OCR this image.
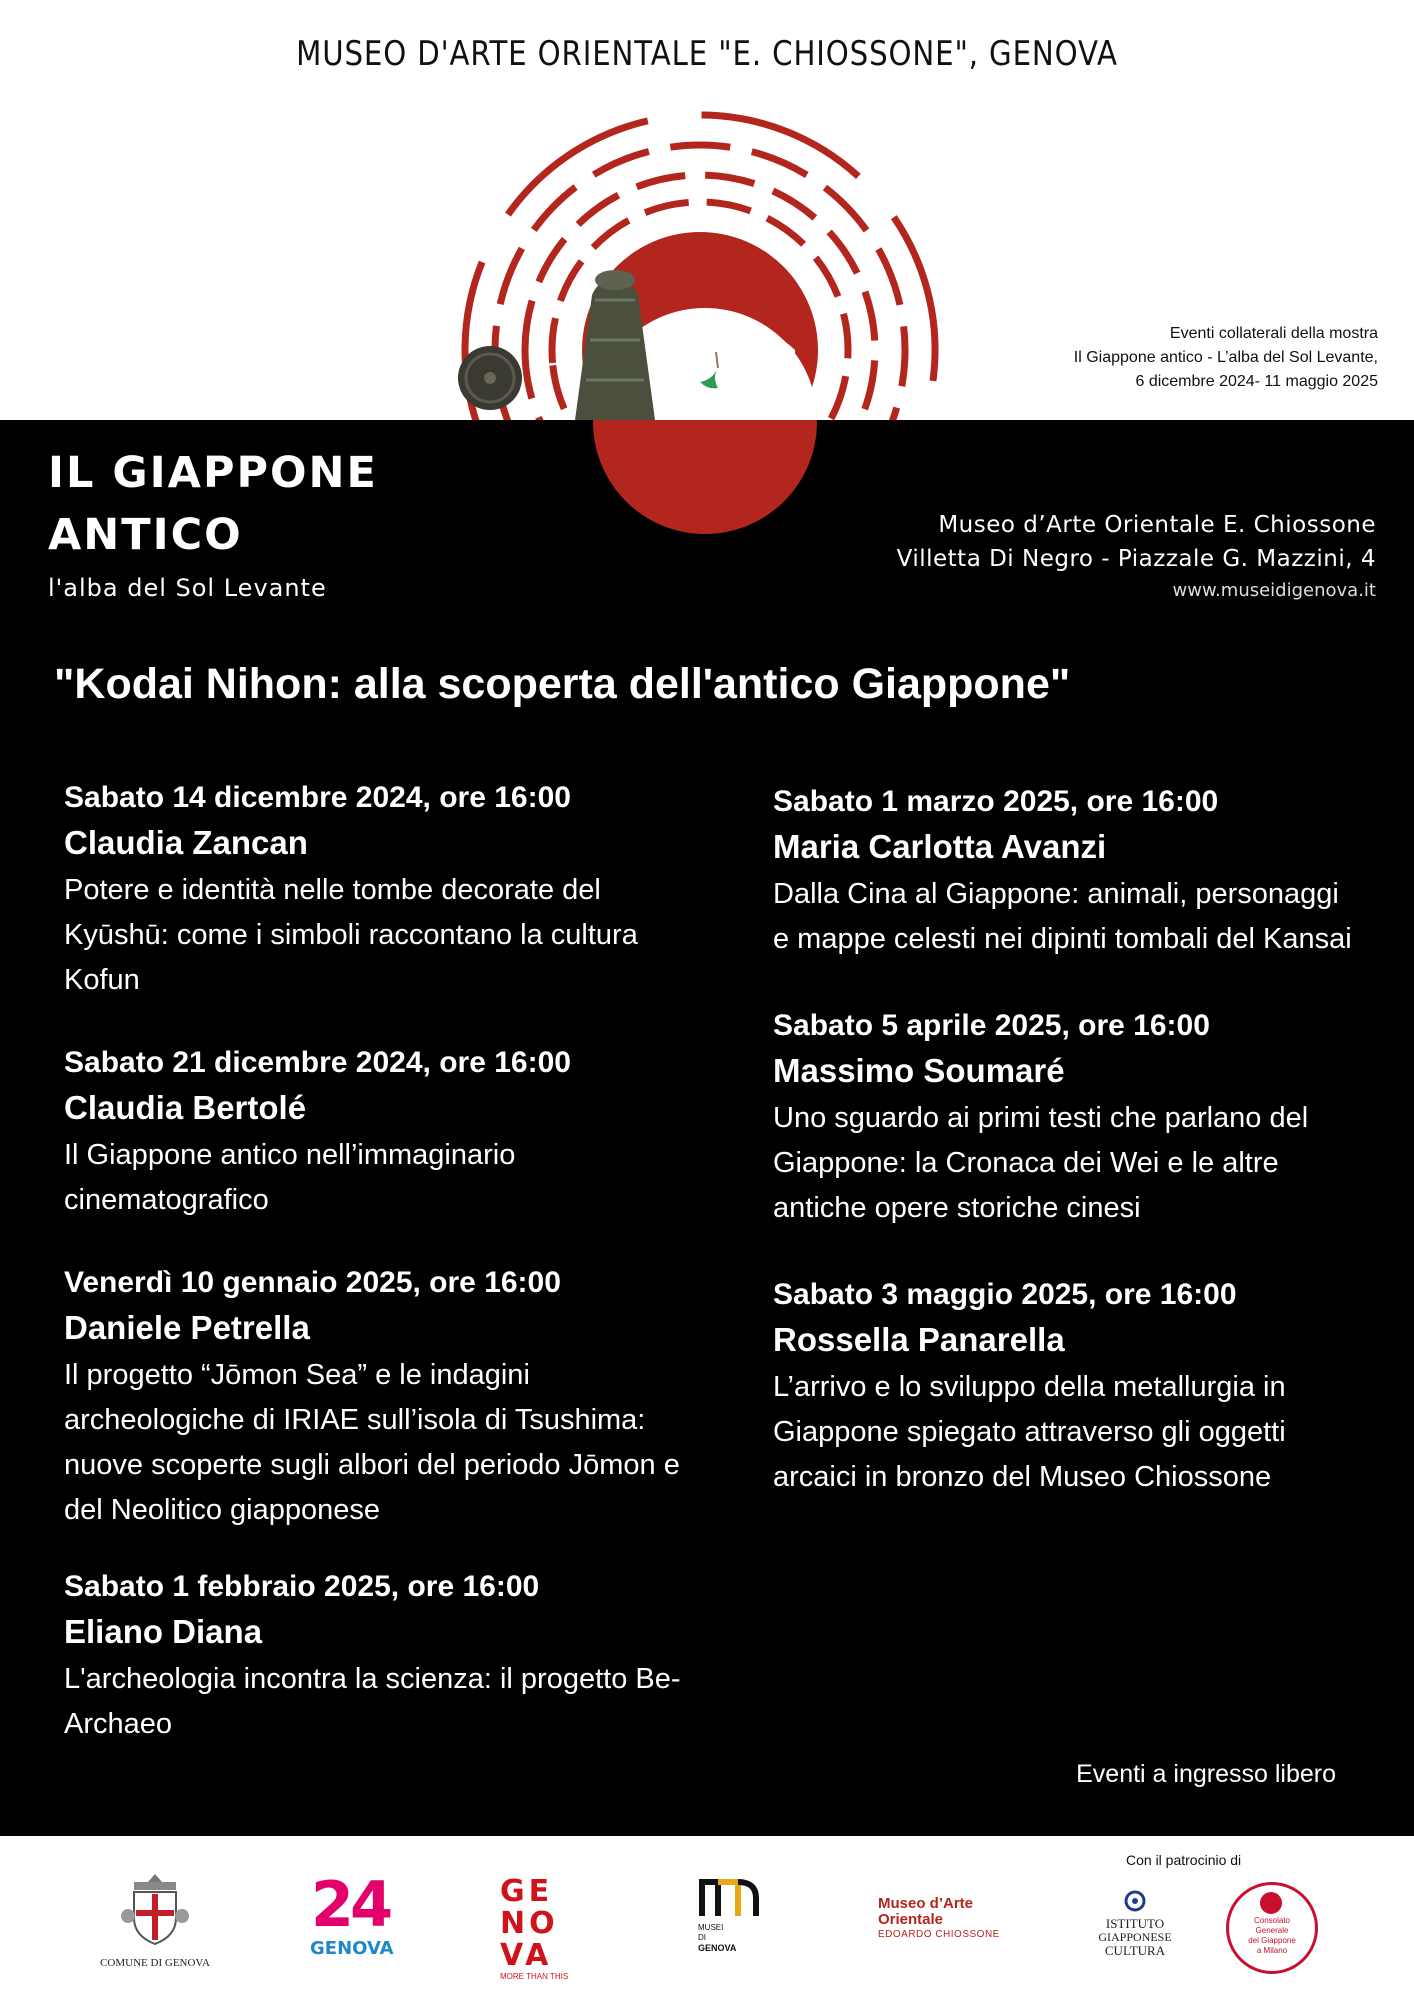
MUSEO D'ARTE ORIENTALE "E. CHIOSSONE", GENOVA
Eventi collaterali della mostra
Il Giappone antico - L’alba del Sol Levante,
6 dicembre 2024- 11 maggio 2025
IL GIAPPONE
ANTICO
l'alba del Sol Levante
Museo d’Arte Orientale E. Chiossone
Villetta Di Negro - Piazzale G. Mazzini, 4
www.museidigenova.it
"Kodai Nihon: alla scoperta dell'antico Giappone"
Sabato 14 dicembre 2024, ore 16:00
Claudia Zancan
Potere e identità nelle tombe decorate del Kyūshū: come i simboli raccontano la cultura Kofun
Sabato 21 dicembre 2024, ore 16:00
Claudia Bertolé
Il Giappone antico nell’immaginario cinematografico
Venerdì 10 gennaio 2025, ore 16:00
Daniele Petrella
Il progetto “Jōmon Sea” e le indagini archeologiche di IRIAE sull’isola di Tsushima: nuove scoperte sugli albori del periodo Jōmon e del Neolitico giapponese
Sabato 1 febbraio 2025, ore 16:00
Eliano Diana
L'archeologia incontra la scienza: il progetto Be-Archaeo
Sabato 1 marzo 2025, ore 16:00
Maria Carlotta Avanzi
Dalla Cina al Giappone: animali, personaggi e mappe celesti nei dipinti tombali del Kansai
Sabato 5 aprile 2025, ore 16:00
Massimo Soumaré
Uno sguardo ai primi testi che parlano del Giappone: la Cronaca dei Wei e le altre antiche opere storiche cinesi
Sabato 3 maggio 2025, ore 16:00
Rossella Panarella
L’arrivo e lo sviluppo della metallurgia in Giappone spiegato attraverso gli oggetti arcaici in bronzo del Museo Chiossone
Eventi a ingresso libero
Con il patrocinio di
COMUNE DI GENOVA
24
GENOVA
GE NO
VA
MORE THAN THIS
MUSEI
DI
GENOVA
Museo d’Arte
Orientale
EDOARDO CHIOSSONE
ISTITUTO
GIAPPONESE
CULTURA
Consolato
Generale
del Giappone
a Milano
